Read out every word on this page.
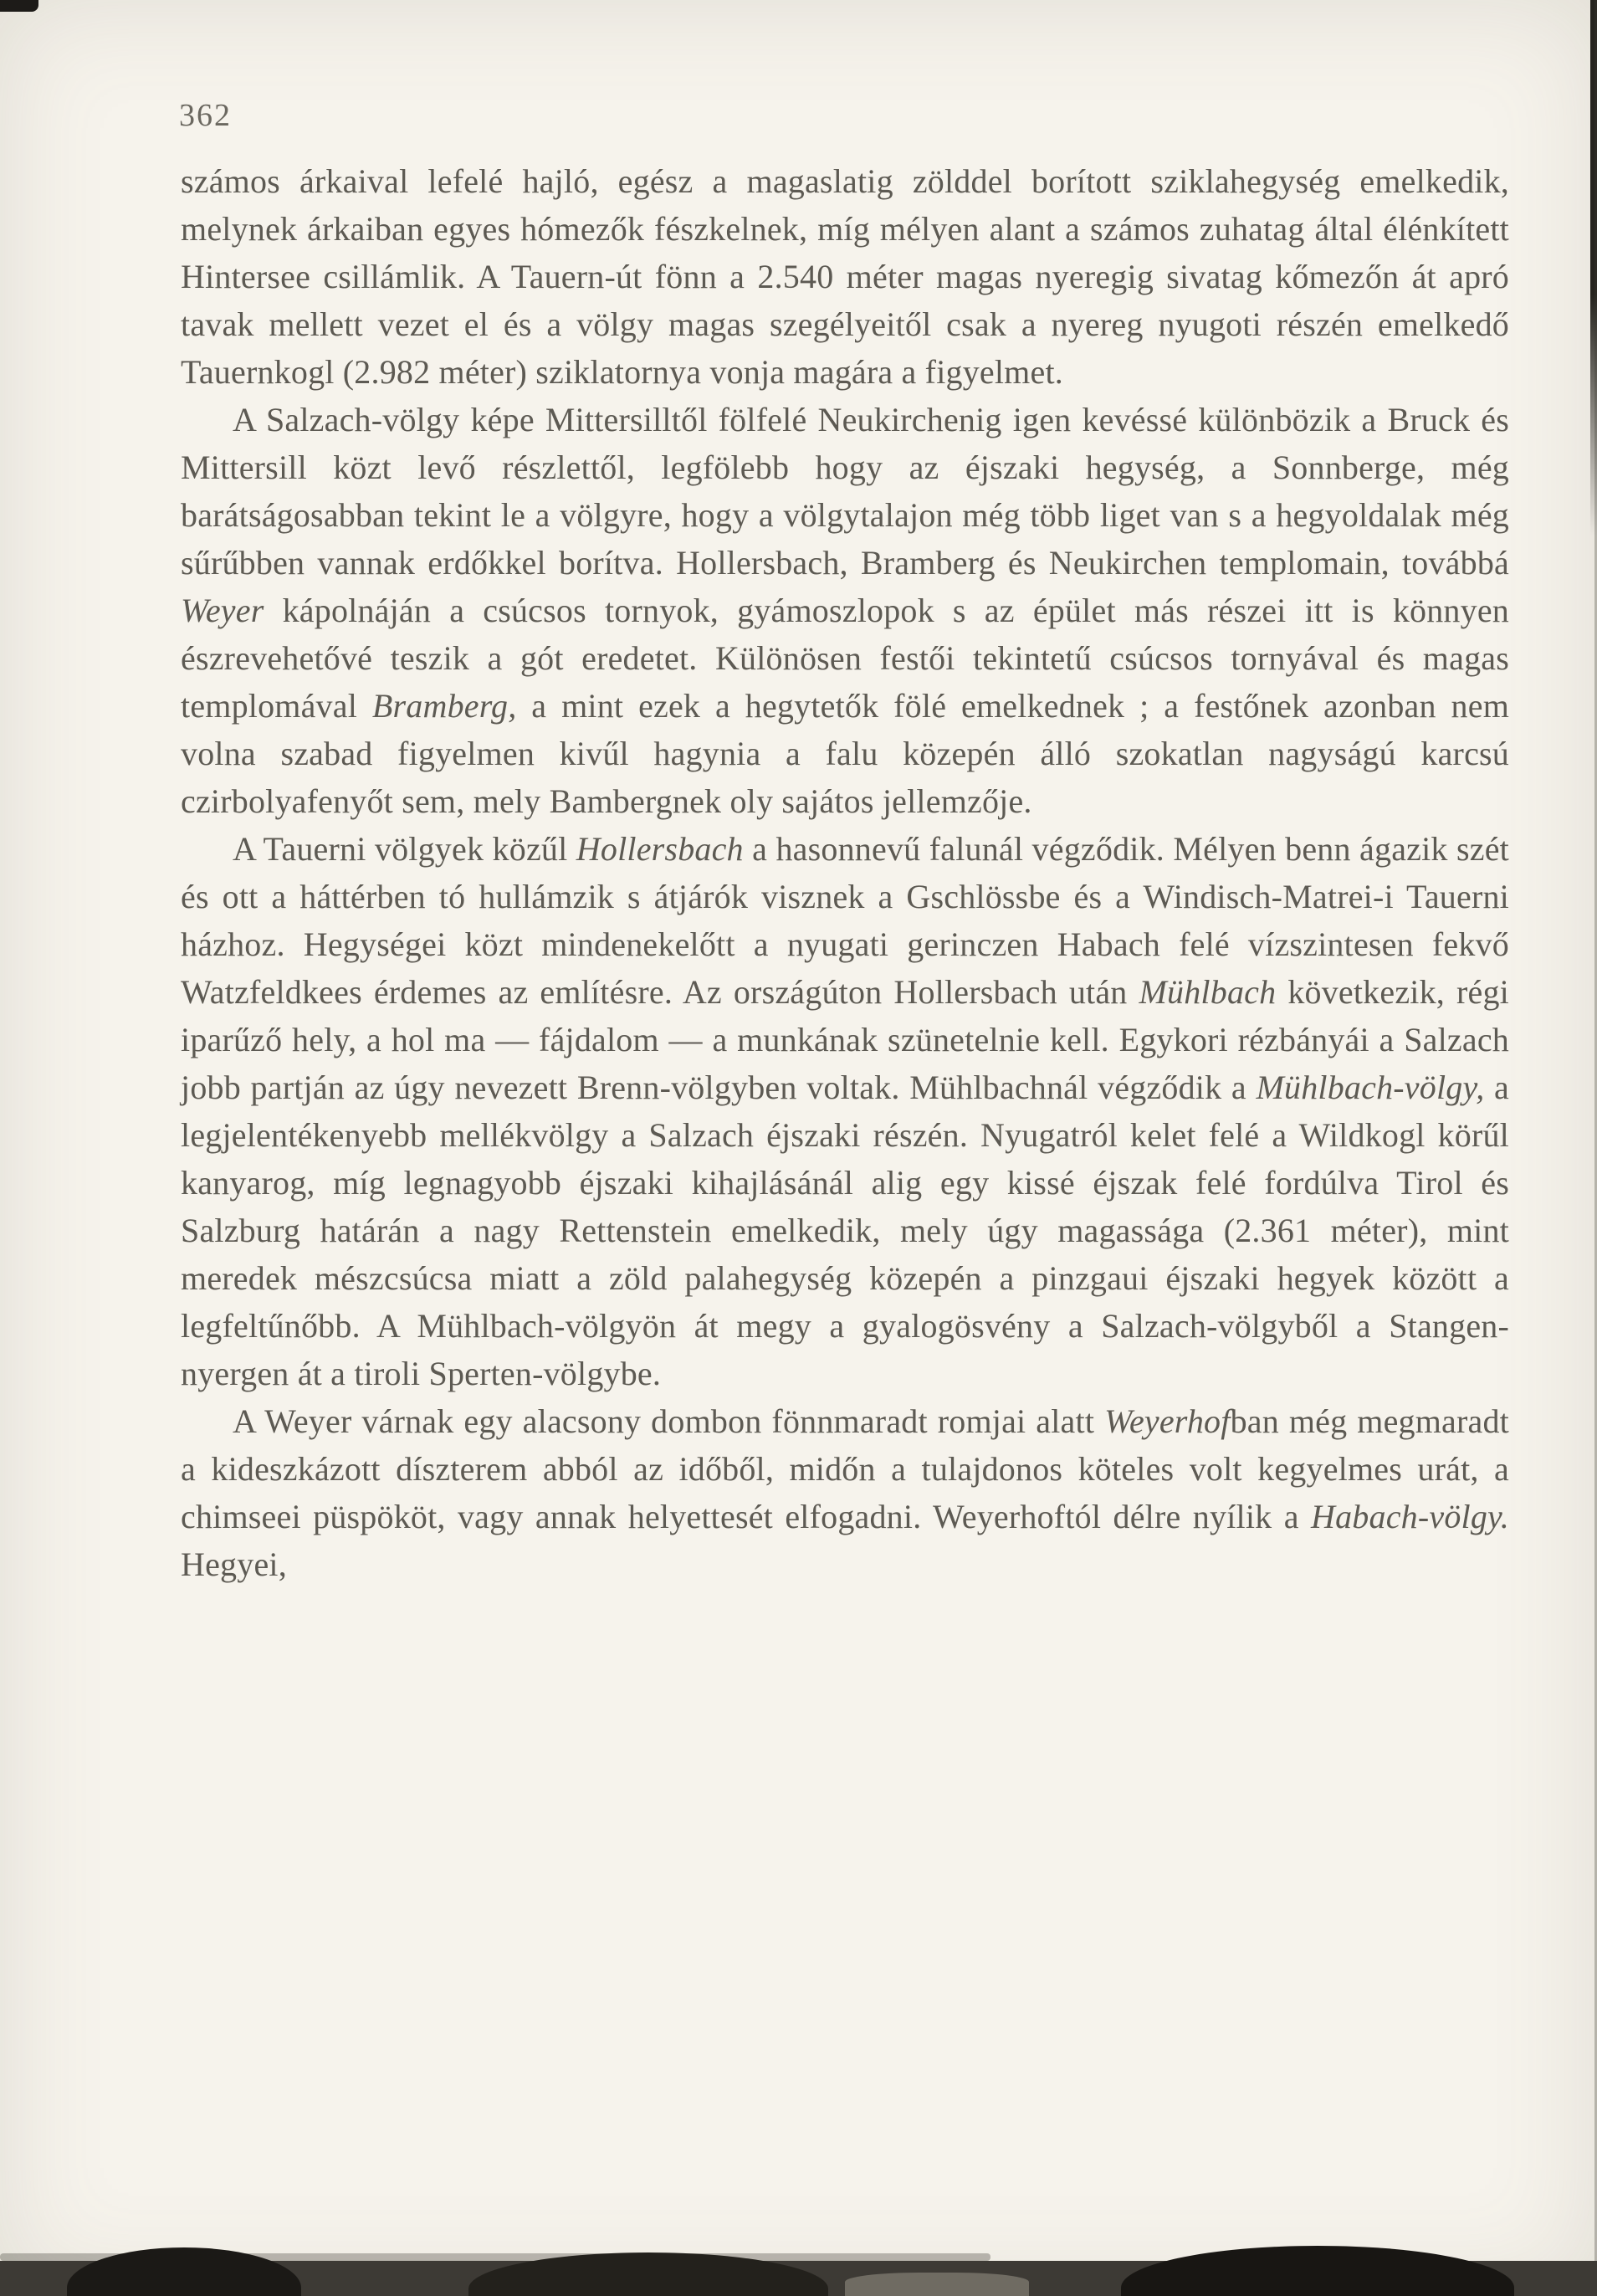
362

számos árkaival lefelé hajló, egész a magaslatig zölddel borított sziklahegység emelkedik, melynek árkaiban egyes hómezők fészkelnek, míg mélyen alant a számos zuhatag által élénkített Hintersee csillámlik. A Tauern-út fönn a 2.540 méter magas nyeregig sivatag kőmezőn át apró tavak mellett vezet el és a völgy magas szegélyeitől csak a nyereg nyugoti részén emelkedő Tauernkogl (2.982 méter) sziklatornya vonja magára a figyelmet.

A Salzach-völgy képe Mittersilltől fölfelé Neukirchenig igen kevéssé különbözik a Bruck és Mittersill közt levő részlettől, legfölebb hogy az éjszaki hegység, a Sonnberge, még barátságosabban tekint le a völgyre, hogy a völgytalajon még több liget van s a hegyoldalak még sűrűbben vannak erdőkkel borítva. Hollersbach, Bramberg és Neukirchen templomain, továbbá Weyer kápolnáján a csúcsos tornyok, gyámoszlopok s az épület más részei itt is könnyen észrevehetővé teszik a gót eredetet. Különösen festői tekintetű csúcsos tornyával és magas templomával Bramberg, a mint ezek a hegytetők fölé emelkednek ; a festőnek azonban nem volna szabad figyelmen kivűl hagynia a falu közepén álló szokatlan nagyságú karcsú czirbolyafenyőt sem, mely Bambergnek oly sajátos jellemzője.

A Tauerni völgyek közűl Hollersbach a hasonnevű falunál végződik. Mélyen benn ágazik szét és ott a háttérben tó hullámzik s átjárók visznek a Gschlössbe és a Windisch-Matrei-i Tauerni házhoz. Hegységei közt mindenekelőtt a nyugati gerinczen Habach felé vízszintesen fekvő Watzfeldkees érdemes az említésre. Az országúton Hollersbach után Mühlbach következik, régi iparűző hely, a hol ma — fájdalom — a munkának szünetelnie kell. Egykori rézbányái a Salzach jobb partján az úgy nevezett Brenn-völgyben voltak. Mühlbachnál végződik a Mühlbach-völgy, a legjelentékenyebb mellékvölgy a Salzach éjszaki részén. Nyugatról kelet felé a Wildkogl körűl kanyarog, míg legnagyobb éjszaki kihajlásánál alig egy kissé éjszak felé fordúlva Tirol és Salzburg határán a nagy Rettenstein emelkedik, mely úgy magassága (2.361 méter), mint meredek mészcsúcsa miatt a zöld palahegység közepén a pinzgaui éjszaki hegyek között a legfeltűnőbb. A Mühlbach-völgyön át megy a gyalogösvény a Salzach-völgyből a Stangen-nyergen át a tiroli Sperten-völgybe.

A Weyer várnak egy alacsony dombon fönnmaradt romjai alatt Weyerhofban még megmaradt a kideszkázott díszterem abból az időből, midőn a tulajdonos köteles volt kegyelmes urát, a chimseei püspököt, vagy annak helyettesét elfogadni. Weyerhoftól délre nyílik a Habach-völgy. Hegyei,
